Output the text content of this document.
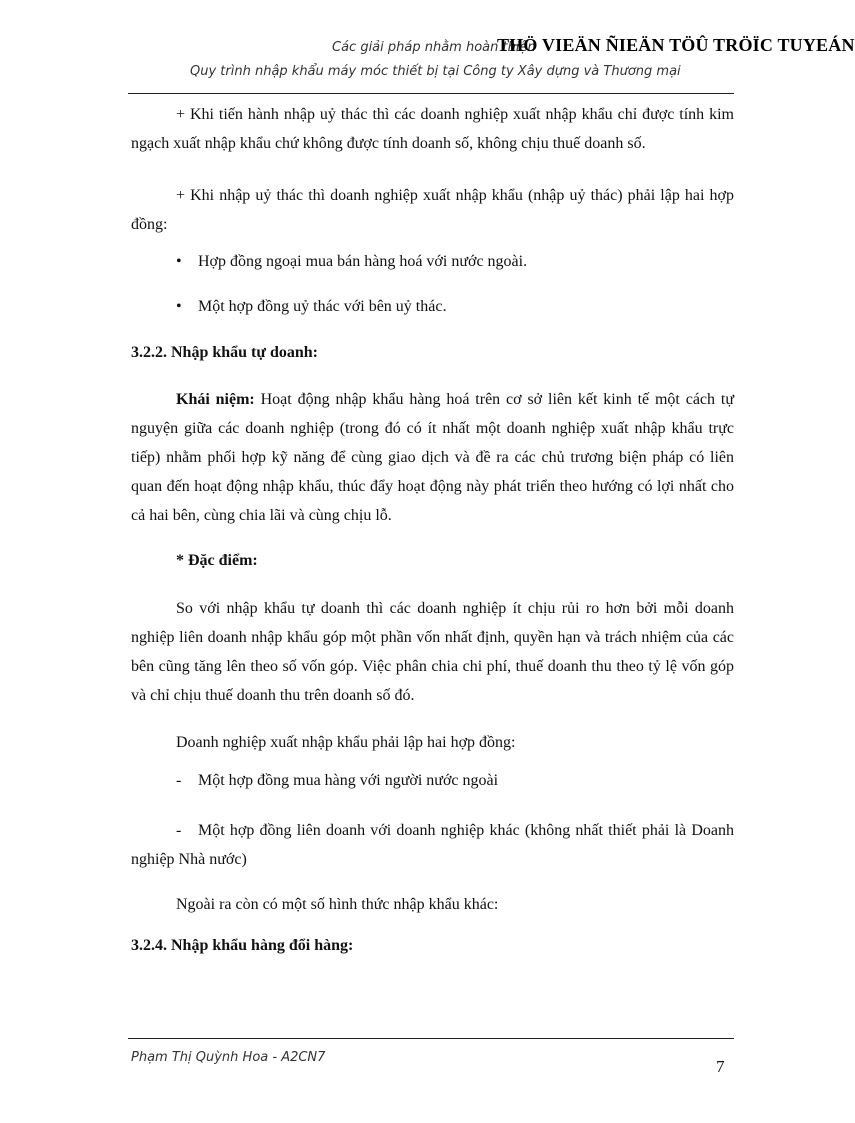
Các giải pháp nhằm hoàn thiện
THÖ VIEÄN ÑIEÄN TÖÛ TRÖÏC TUYEÁN
Quy trình nhập khẩu máy móc thiết bị tại Công ty Xây dựng và Thương mại
+ Khi tiến hành nhập uỷ thác thì các doanh nghiệp xuất nhập khẩu chỉ được tính kim ngạch xuất nhập khẩu chứ không được tính doanh số, không chịu thuế doanh số.
+ Khi nhập uỷ thác thì doanh nghiệp xuất nhập khẩu (nhập uỷ thác) phải lập hai hợp đồng:
• Hợp đồng ngoại mua bán hàng hoá với nước ngoài.
• Một hợp đồng uỷ thác với bên uỷ thác.
3.2.2. Nhập khẩu tự doanh:
Khái niệm: Hoạt động nhập khẩu hàng hoá trên cơ sở liên kết kinh tế một cách tự nguyện giữa các doanh nghiệp (trong đó có ít nhất một doanh nghiệp xuất nhập khẩu trực tiếp) nhằm phối hợp kỹ năng để cùng giao dịch và đề ra các chủ trương biện pháp có liên quan đến hoạt động nhập khẩu, thúc đẩy hoạt động này phát triển theo hướng có lợi nhất cho cả hai bên, cùng chia lãi và cùng chịu lỗ.
* Đặc điểm:
So với nhập khẩu tự doanh thì các doanh nghiệp ít chịu rủi ro hơn bởi mỗi doanh nghiệp liên doanh nhập khẩu góp một phần vốn nhất định, quyền hạn và trách nhiệm của các bên cũng tăng lên theo số vốn góp. Việc phân chia chi phí, thuế doanh thu theo tỷ lệ vốn góp và chỉ chịu thuế doanh thu trên doanh số đó.
Doanh nghiệp xuất nhập khẩu phải lập hai hợp đồng:
- Một hợp đồng mua hàng với người nước ngoài
- Một hợp đồng liên doanh với doanh nghiệp khác (không nhất thiết phải là Doanh nghiệp Nhà nước)
Ngoài ra còn có một số hình thức nhập khẩu khác:
3.2.4. Nhập khẩu hàng đổi hàng:
Phạm Thị Quỳnh Hoa - A2CN7	7
